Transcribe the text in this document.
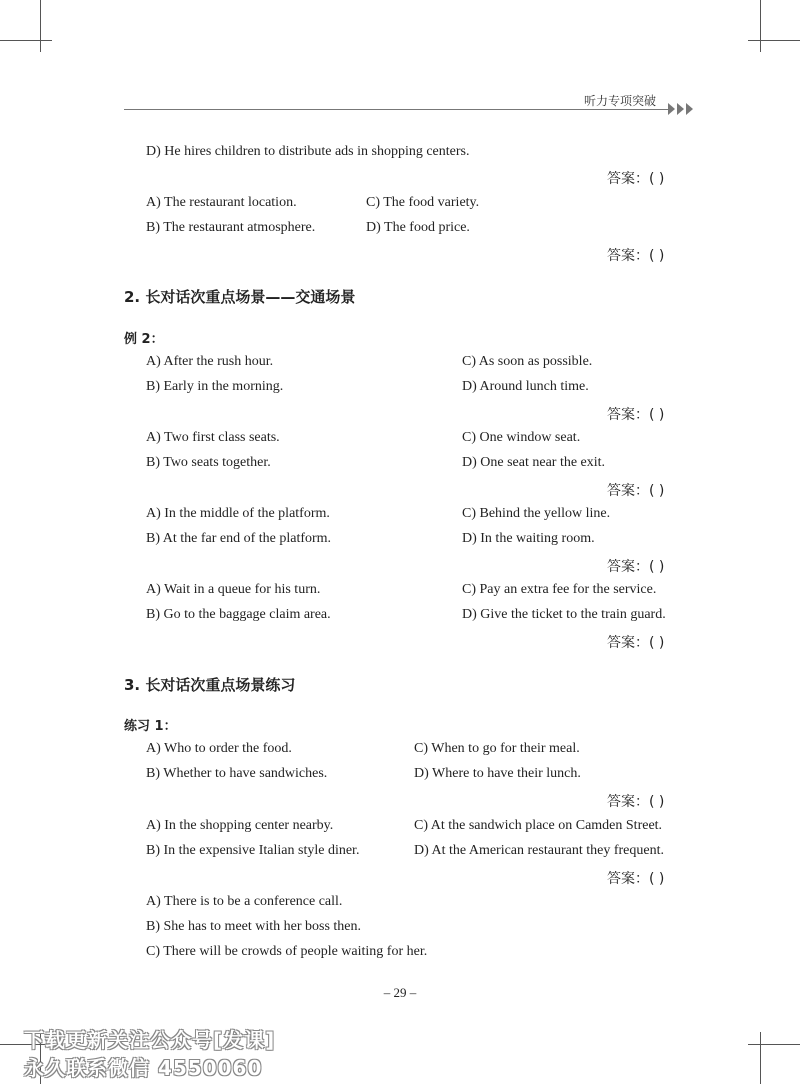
听力专项突破
D) He hires children to distribute ads in shopping centers.
答案：( )
A) The restaurant location.	C) The food variety.
B) The restaurant atmosphere.	D) The food price.
答案：( )
2. 长对话次重点场景——交通场景
例 2：
A) After the rush hour.	C) As soon as possible.
B) Early in the morning.	D) Around lunch time.
答案：( )
A) Two first class seats.	C) One window seat.
B) Two seats together.	D) One seat near the exit.
答案：( )
A) In the middle of the platform.	C) Behind the yellow line.
B) At the far end of the platform.	D) In the waiting room.
答案：( )
A) Wait in a queue for his turn.	C) Pay an extra fee for the service.
B) Go to the baggage claim area.	D) Give the ticket to the train guard.
答案：( )
3. 长对话次重点场景练习
练习 1：
A) Who to order the food.	C) When to go for their meal.
B) Whether to have sandwiches.	D) Where to have their lunch.
答案：( )
A) In the shopping center nearby.	C) At the sandwich place on Camden Street.
B) In the expensive Italian style diner.	D) At the American restaurant they frequent.
答案：( )
A) There is to be a conference call.
B) She has to meet with her boss then.
C) There will be crowds of people waiting for her.
– 29 –
下载更新关注公众号[发课]
永久联系微信 4550060
